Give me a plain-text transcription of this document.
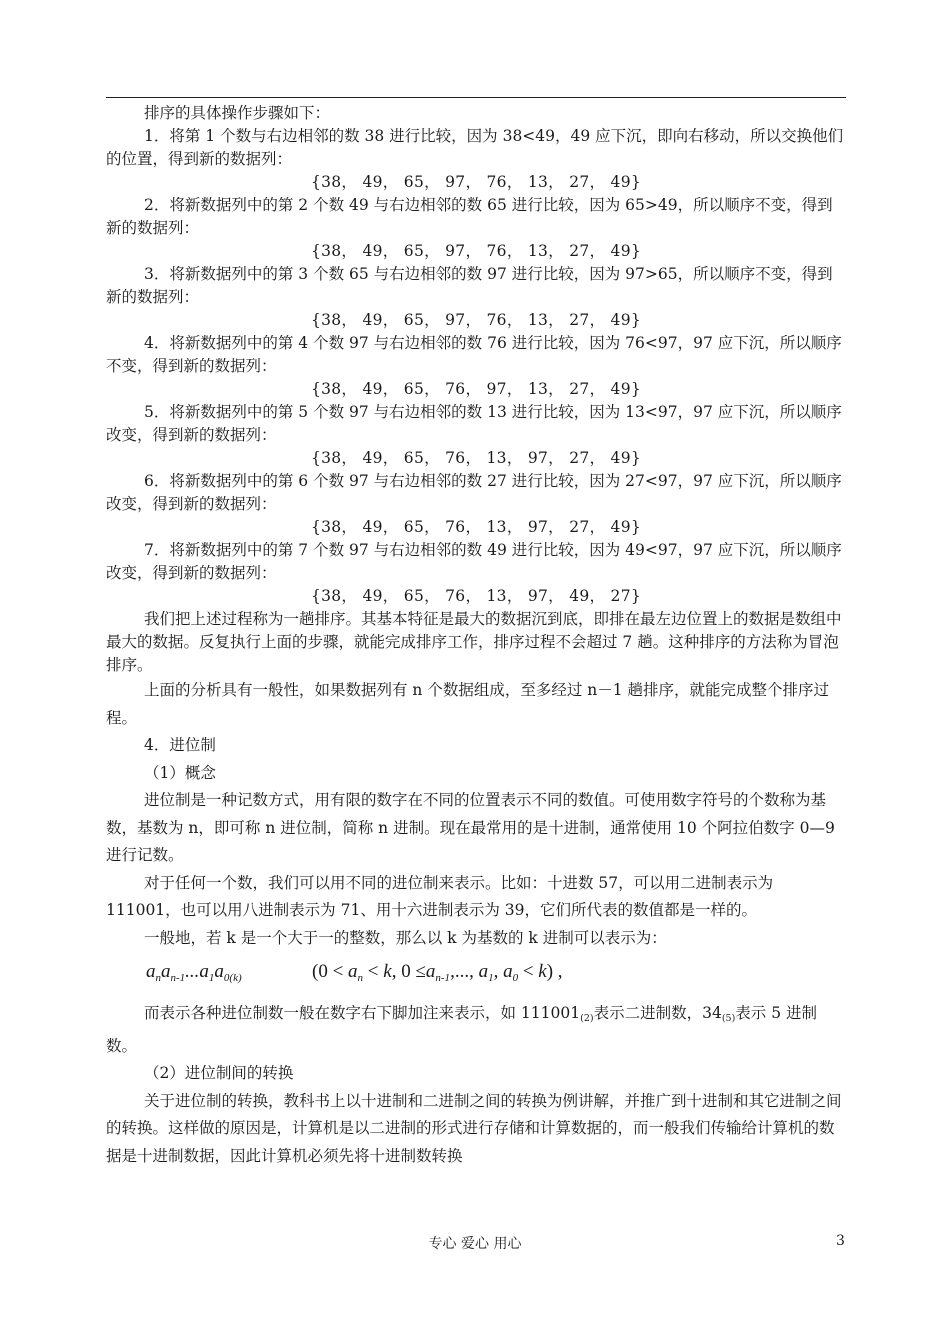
排序的具体操作步骤如下：

1．将第 1 个数与右边相邻的数 38 进行比较，因为 38<49，49 应下沉，即向右移动，所以交换他们的位置，得到新的数据列：

{38， 49， 65， 97， 76， 13， 27， 49}

2．将新数据列中的第 2 个数 49 与右边相邻的数 65 进行比较，因为 65>49，所以顺序不变，得到新的数据列：

{38， 49， 65， 97， 76， 13， 27， 49}

3．将新数据列中的第 3 个数 65 与右边相邻的数 97 进行比较，因为 97>65，所以顺序不变，得到新的数据列：

{38， 49， 65， 97， 76， 13， 27， 49}

4．将新数据列中的第 4 个数 97 与右边相邻的数 76 进行比较，因为 76<97，97 应下沉，所以顺序不变，得到新的数据列：

{38， 49， 65， 76， 97， 13， 27， 49}

5．将新数据列中的第 5 个数 97 与右边相邻的数 13 进行比较，因为 13<97，97 应下沉，所以顺序改变，得到新的数据列：

{38， 49， 65， 76， 13， 97， 27， 49}

6．将新数据列中的第 6 个数 97 与右边相邻的数 27 进行比较，因为 27<97，97 应下沉，所以顺序改变，得到新的数据列：

{38， 49， 65， 76， 13， 97， 27， 49}

7．将新数据列中的第 7 个数 97 与右边相邻的数 49 进行比较，因为 49<97，97 应下沉，所以顺序改变，得到新的数据列：

{38， 49， 65， 76， 13， 97， 49， 27}

我们把上述过程称为一趟排序。其基本特征是最大的数据沉到底，即排在最左边位置上的数据是数组中最大的数据。反复执行上面的步骤，就能完成排序工作，排序过程不会超过 7 趟。这种排序的方法称为冒泡排序。

上面的分析具有一般性，如果数据列有 n 个数据组成，至多经过 n－1 趟排序，就能完成整个排序过程。

4．进位制

（1）概念

进位制是一种记数方式，用有限的数字在不同的位置表示不同的数值。可使用数字符号的个数称为基数，基数为 n，即可称 n 进位制，简称 n 进制。现在最常用的是十进制，通常使用 10 个阿拉伯数字 0—9 进行记数。

对于任何一个数，我们可以用不同的进位制来表示。比如：十进数 57，可以用二进制表示为 111001，也可以用八进制表示为 71、用十六进制表示为 39，它们所代表的数值都是一样的。

一般地，若 k 是一个大于一的整数，那么以 k 为基数的 k 进制可以表示为：

$a_na_{n-1}...a_1a_{0(k)}$	($0 < a_n < k$, $0 \le a_{n-1}$,..., $a_1$, $a_0 < k$) ,

而表示各种进位制数一般在数字右下脚加注来表示，如 $111001_{(2)}$表示二进制数，$34_{(5)}$表示 5 进制数。

（2）进位制间的转换

关于进位制的转换，教科书上以十进制和二进制之间的转换为例讲解，并推广到十进制和其它进制之间的转换。这样做的原因是，计算机是以二进制的形式进行存储和计算数据的，而一般我们传输给计算机的数据是十进制数据，因此计算机必须先将十进制数转换

专心 爱心 用心	3
